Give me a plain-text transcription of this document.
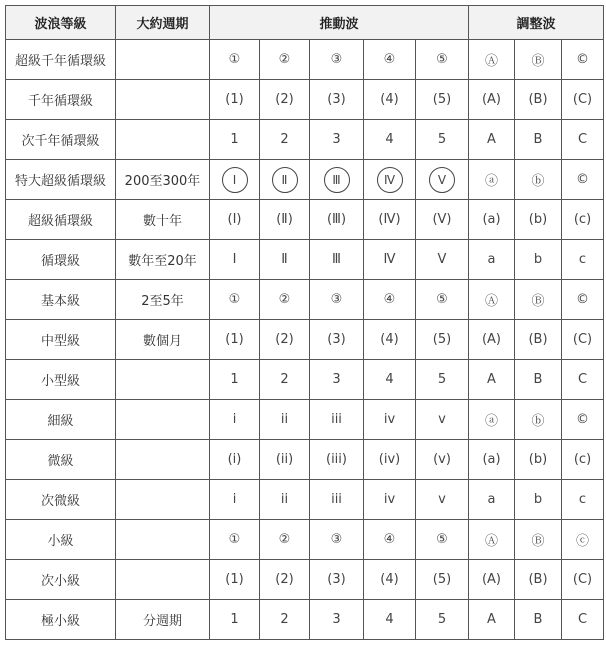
波浪等級	大約週期	推動波					調整波		
超級千年循環級		①	②	③	④	⑤	Ⓐ	Ⓑ	©
千年循環級		(1)	(2)	(3)	(4)	(5)	(A)	(B)	(C)
次千年循環級		1	2	3	4	5	A	B	C
特大超級循環級	200至300年	Ⅰ	Ⅱ	Ⅲ	Ⅳ	Ⅴ	ⓐ	ⓑ	©
超級循環級	數十年	(Ⅰ)	(Ⅱ)	(Ⅲ)	(Ⅳ)	(Ⅴ)	(a)	(b)	(c)
循環級	數年至20年	Ⅰ	Ⅱ	Ⅲ	Ⅳ	Ⅴ	a	b	c
基本級	2至5年	①	②	③	④	⑤	Ⓐ	Ⓑ	©
中型級	數個月	(1)	(2)	(3)	(4)	(5)	(A)	(B)	(C)
小型級		1	2	3	4	5	A	B	C
細級		i	ii	iii	iv	v	ⓐ	ⓑ	©
微級		(i)	(ii)	(iii)	(iv)	(v)	(a)	(b)	(c)
次微級		i	ii	iii	iv	v	a	b	c
小級		①	②	③	④	⑤	Ⓐ	Ⓑ	ⓒ
次小級		(1)	(2)	(3)	(4)	(5)	(A)	(B)	(C)
極小級	分週期	1	2	3	4	5	A	B	C
